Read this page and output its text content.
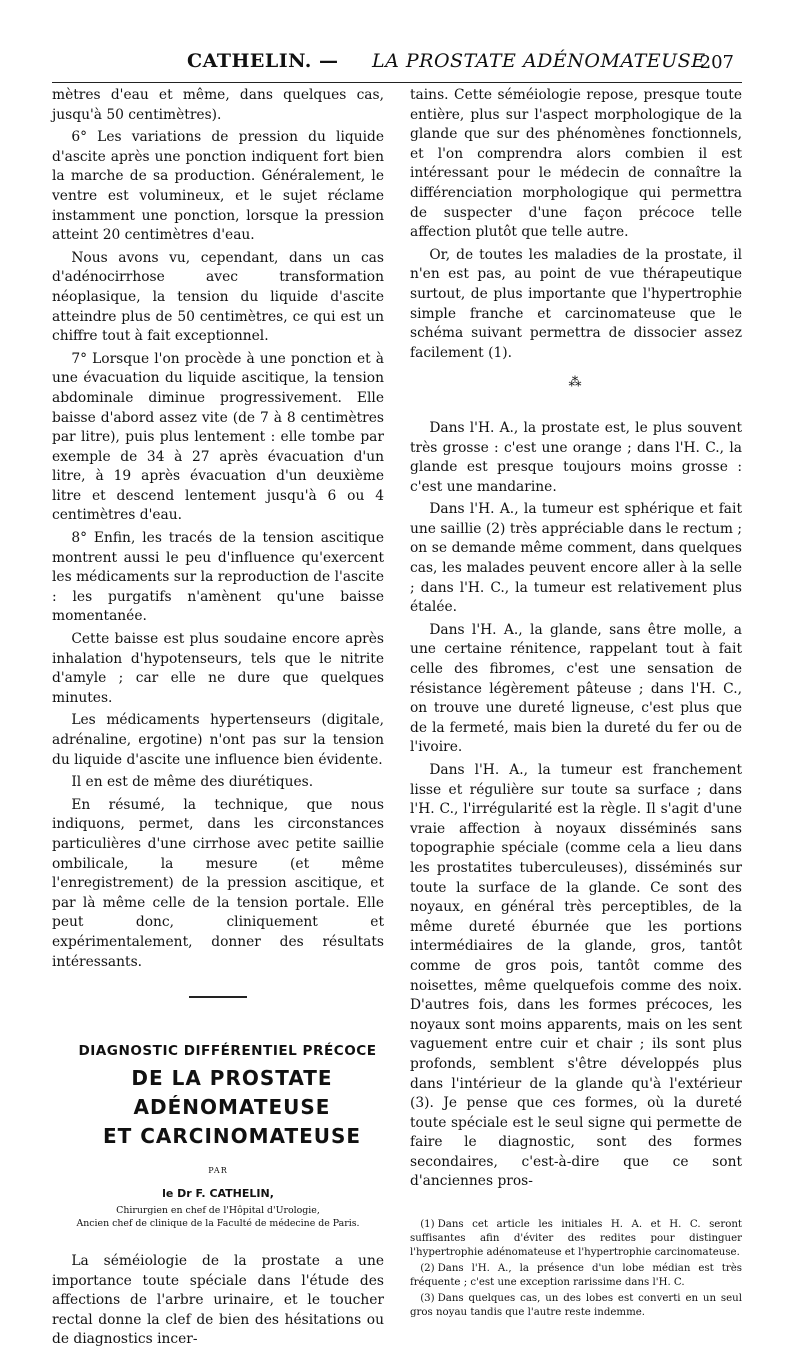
CATHELIN. — LA PROSTATE ADÉNOMATEUSE
207

mètres d'eau et même, dans quelques cas, jusqu'à 50 centimètres).

6° Les variations de pression du liquide d'ascite après une ponction indiquent fort bien la marche de sa production. Généralement, le ventre est volumineux, et le sujet réclame instamment une ponction, lorsque la pression atteint 20 centimètres d'eau.

Nous avons vu, cependant, dans un cas d'adénocirrhose avec transformation néoplasique, la tension du liquide d'ascite atteindre plus de 50 centimètres, ce qui est un chiffre tout à fait exceptionnel.

7° Lorsque l'on procède à une ponction et à une évacuation du liquide ascitique, la tension abdominale diminue progressivement. Elle baisse d'abord assez vite (de 7 à 8 centimètres par litre), puis plus lentement : elle tombe par exemple de 34 à 27 après évacuation d'un litre, à 19 après évacuation d'un deuxième litre et descend lentement jusqu'à 6 ou 4 centimètres d'eau.

8° Enfin, les tracés de la tension ascitique montrent aussi le peu d'influence qu'exercent les médicaments sur la reproduction de l'ascite : les purgatifs n'amènent qu'une baisse momentanée.

Cette baisse est plus soudaine encore après inhalation d'hypotenseurs, tels que le nitrite d'amyle ; car elle ne dure que quelques minutes.

Les médicaments hypertenseurs (digitale, adrénaline, ergotine) n'ont pas sur la tension du liquide d'ascite une influence bien évidente.

Il en est de même des diurétiques.

En résumé, la technique, que nous indiquons, permet, dans les circonstances particulières d'une cirrhose avec petite saillie ombilicale, la mesure (et même l'enregistrement) de la pression ascitique, et par là même celle de la tension portale. Elle peut donc, cliniquement et expérimentalement, donner des résultats intéressants.

DIAGNOSTIC DIFFÉRENTIEL PRÉCOCE

DE LA PROSTATE

ADÉNOMATEUSE

ET CARCINOMATEUSE

PAR
le Dr F. CATHELIN,
Chirurgien en chef de l'Hôpital d'Urologie,
Ancien chef de clinique de la Faculté de médecine de Paris.

La séméiologie de la prostate a une importance toute spéciale dans l'étude des affections de l'arbre urinaire, et le toucher rectal donne la clef de bien des hésitations ou de diagnostics incer-

tains. Cette séméiologie repose, presque toute entière, plus sur l'aspect morphologique de la glande que sur des phénomènes fonctionnels, et l'on comprendra alors combien il est intéressant pour le médecin de connaître la différenciation morphologique qui permettra de suspecter d'une façon précoce telle affection plutôt que telle autre.

Or, de toutes les maladies de la prostate, il n'en est pas, au point de vue thérapeutique surtout, de plus importante que l'hypertrophie simple franche et carcinomateuse que le schéma suivant permettra de dissocier assez facilement (1).

⁂

Dans l'H. A., la prostate est, le plus souvent très grosse : c'est une orange ; dans l'H. C., la glande est presque toujours moins grosse : c'est une mandarine.

Dans l'H. A., la tumeur est sphérique et fait une saillie (2) très appréciable dans le rectum ; on se demande même comment, dans quelques cas, les malades peuvent encore aller à la selle ; dans l'H. C., la tumeur est relativement plus étalée.

Dans l'H. A., la glande, sans être molle, a une certaine rénitence, rappelant tout à fait celle des fibromes, c'est une sensation de résistance légèrement pâteuse ; dans l'H. C., on trouve une dureté ligneuse, c'est plus que de la fermeté, mais bien la dureté du fer ou de l'ivoire.

Dans l'H. A., la tumeur est franchement lisse et régulière sur toute sa surface ; dans l'H. C., l'irrégularité est la règle. Il s'agit d'une vraie affection à noyaux disséminés sans topographie spéciale (comme cela a lieu dans les prostatites tuberculeuses), disséminés sur toute la surface de la glande. Ce sont des noyaux, en général très perceptibles, de la même dureté éburnée que les portions intermédiaires de la glande, gros, tantôt comme de gros pois, tantôt comme des noisettes, même quelquefois comme des noix. D'autres fois, dans les formes précoces, les noyaux sont moins apparents, mais on les sent vaguement entre cuir et chair ; ils sont plus profonds, semblent s'être développés plus dans l'intérieur de la glande qu'à l'extérieur (3). Je pense que ces formes, où la dureté toute spéciale est le seul signe qui permette de faire le diagnostic, sont des formes secondaires, c'est-à-dire que ce sont d'anciennes pros-

(1) Dans cet article les initiales H. A. et H. C. seront suffisantes afin d'éviter des redites pour distinguer l'hypertrophie adénomateuse et l'hypertrophie carcinomateuse.

(2) Dans l'H. A., la présence d'un lobe médian est très fréquente ; c'est une exception rarissime dans l'H. C.

(3) Dans quelques cas, un des lobes est converti en un seul gros noyau tandis que l'autre reste indemme.
